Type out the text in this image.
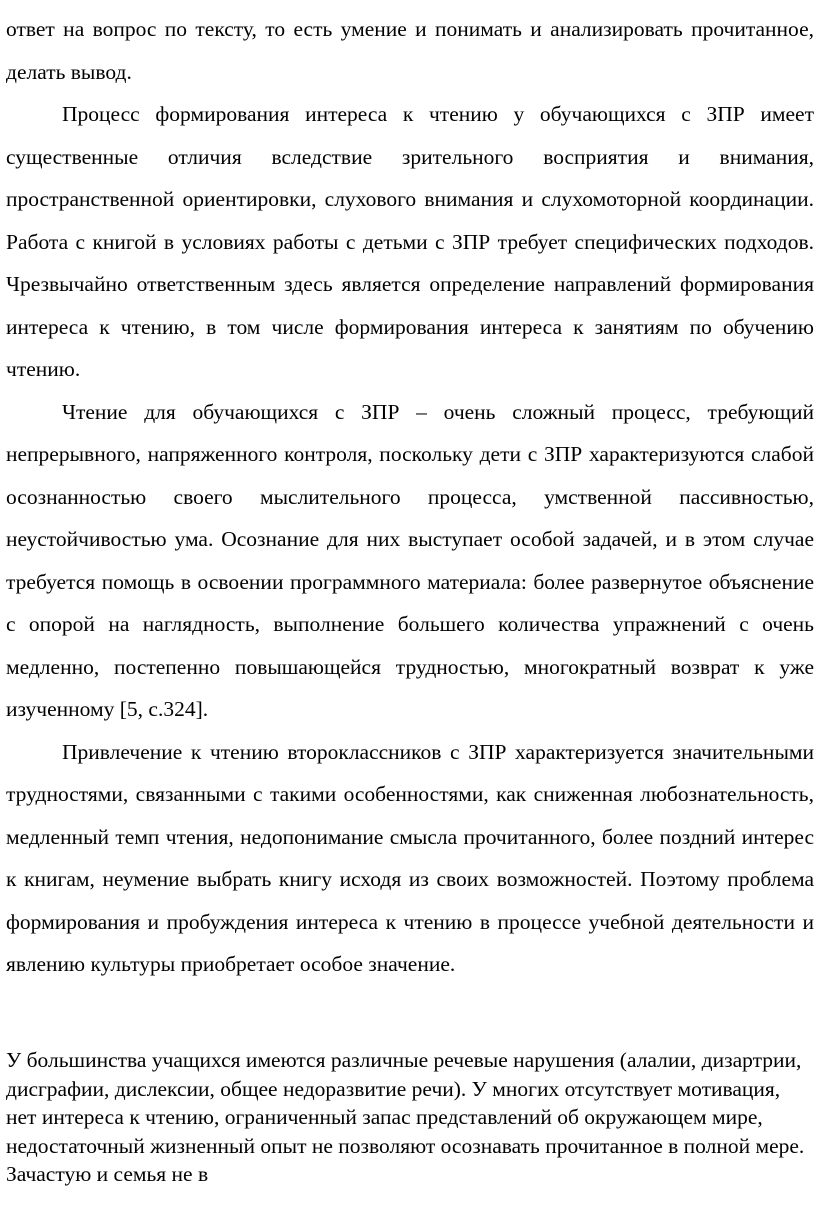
ответ на вопрос по тексту, то есть умение и понимать и анализировать прочитанное, делать вывод.

Процесс формирования интереса к чтению у обучающихся с ЗПР имеет существенные отличия вследствие зрительного восприятия и внимания, пространственной ориентировки, слухового внимания и слухомоторной координации. Работа с книгой в условиях работы с детьми с ЗПР требует специфических подходов. Чрезвычайно ответственным здесь является определение направлений формирования интереса к чтению, в том числе формирования интереса к занятиям по обучению чтению.

Чтение для обучающихся с ЗПР – очень сложный процесс, требующий непрерывного, напряженного контроля, поскольку дети с ЗПР характеризуются слабой осознанностью своего мыслительного процесса, умственной пассивностью, неустойчивостью ума. Осознание для них выступает особой задачей, и в этом случае требуется помощь в освоении программного материала: более развернутое объяснение с опорой на наглядность, выполнение большего количества упражнений с очень медленно, постепенно повышающейся трудностью, многократный возврат к уже изученному [5, с.324].

Привлечение к чтению второклассников с ЗПР характеризуется значительными трудностями, связанными с такими особенностями, как сниженная любознательность, медленный темп чтения, недопонимание смысла прочитанного, более поздний интерес к книгам, неумение выбрать книгу исходя из своих возможностей. Поэтому проблема формирования и пробуждения интереса к чтению в процессе учебной деятельности и явлению культуры приобретает особое значение.

У большинства учащихся имеются различные речевые нарушения (алалии, дизартрии, дисграфии, дислексии, общее недоразвитие речи). У многих отсутствует мотивация, нет интереса к чтению, ограниченный запас представлений об окружающем мире, недостаточный жизненный опыт не позволяют осознавать прочитанное в полной мере. Зачастую и семья не в
